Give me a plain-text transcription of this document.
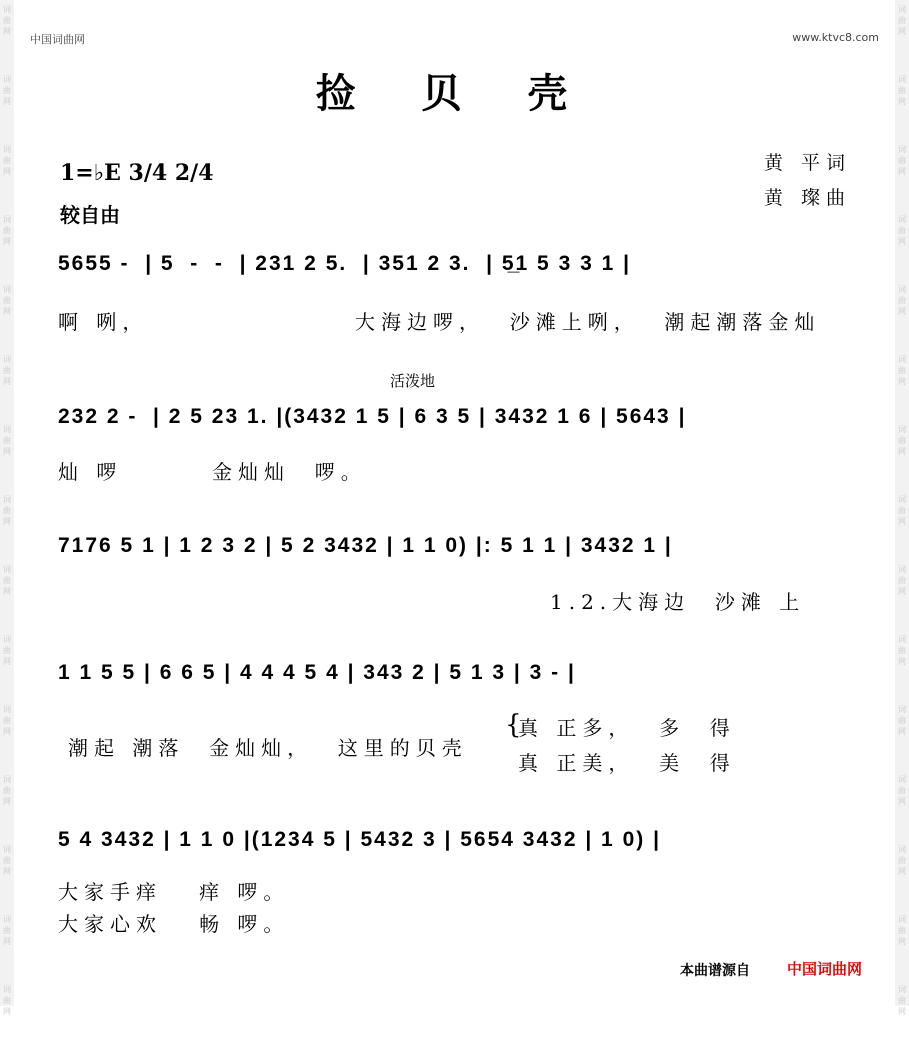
词曲网
词曲网
词曲网
词曲网
词曲网
词曲网
词曲网
词曲网
词曲网
词曲网
词曲网
词曲网
词曲网
词曲网
词曲网
词曲网
词曲网
词曲网
词曲网
词曲网
词曲网
词曲网
词曲网
词曲网
词曲网
词曲网
词曲网
词曲网
词曲网
词曲网
中国词曲网	www.ktvc8.com
捡 贝 壳
1=♭E 3/4 2/4
较自由
黄 平词
黄 璨曲
5655 -  | 5  -  -  | 231 2 5.  | 351 2 3.  | 5̲1 5 3 3 1 |
啊 咧，	大海边啰，  沙滩上咧，  潮起潮落金灿
活泼地
232 2 -  | 2 5 23 1. |(3432 1 5 | 6 3 5 | 3432 1 6 | 5643 |
灿 啰	金灿灿  啰。
7176 5 1 | 1 2 3 2 | 5 2 3432 | 1 1 0) |: 5 1 1 | 3432 1 |
1.2.大海边  沙滩 上
1 1 5 5 | 6 6 5 | 4 4 4 5 4 | 343 2 | 5 1 3 | 3 - |
潮起 潮落  金灿灿，  这里的贝壳
{
真 正多，  多  得
真 正美，  美  得
5 4 3432 | 1 1 0 |(1234 5 | 5432 3 | 5654 3432 | 1 0) |
大家手痒   痒 啰。
大家心欢   畅 啰。
本曲谱源自 中国词曲网
